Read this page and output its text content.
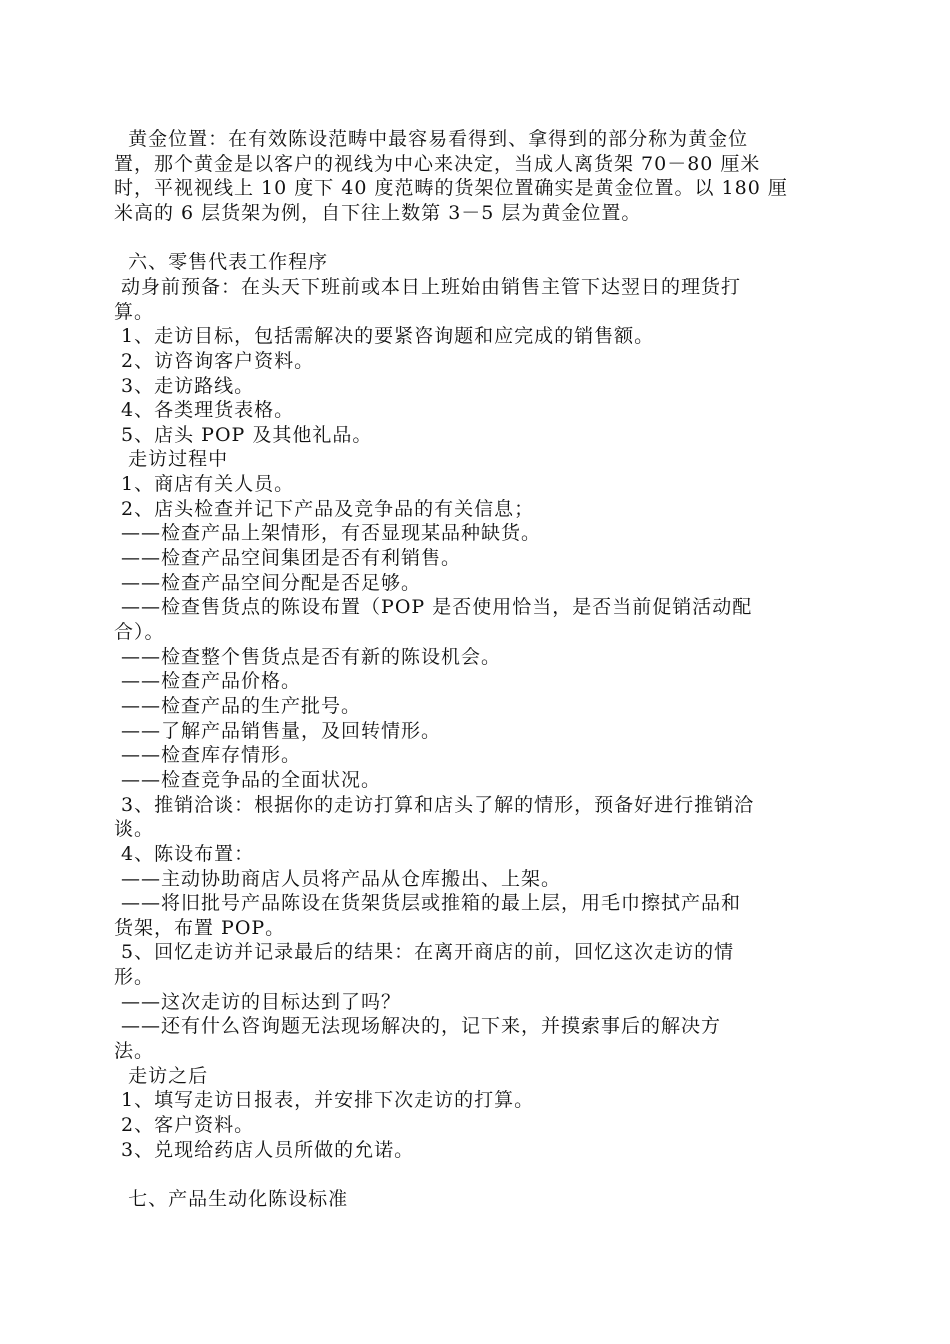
黄金位置：在有效陈设范畴中最容易看得到、拿得到的部分称为黄金位
置，那个黄金是以客户的视线为中心来决定，当成人离货架 70－80 厘米
时，平视视线上 10 度下 40 度范畴的货架位置确实是黄金位置。以 180 厘
米高的 6 层货架为例，自下往上数第 3－5 层为黄金位置。
六、零售代表工作程序
动身前预备：在头天下班前或本日上班始由销售主管下达翌日的理货打
算。
1、走访目标，包括需解决的要紧咨询题和应完成的销售额。
2、访咨询客户资料。
3、走访路线。
4、各类理货表格。
5、店头 POP 及其他礼品。
走访过程中
1、商店有关人员。
2、店头检查并记下产品及竞争品的有关信息；
——检查产品上架情形，有否显现某品种缺货。
——检查产品空间集团是否有利销售。
——检查产品空间分配是否足够。
——检查售货点的陈设布置（POP 是否使用恰当，是否当前促销活动配
合）。
——检查整个售货点是否有新的陈设机会。
——检查产品价格。
——检查产品的生产批号。
——了解产品销售量，及回转情形。
——检查库存情形。
——检查竞争品的全面状况。
3、推销洽谈：根据你的走访打算和店头了解的情形，预备好进行推销洽
谈。
4、陈设布置：
——主动协助商店人员将产品从仓库搬出、上架。
——将旧批号产品陈设在货架货层或推箱的最上层，用毛巾擦拭产品和
货架，布置 POP。
5、回忆走访并记录最后的结果：在离开商店的前，回忆这次走访的情
形。
——这次走访的目标达到了吗？
——还有什么咨询题无法现场解决的，记下来，并摸索事后的解决方
法。
走访之后
1、填写走访日报表，并安排下次走访的打算。
2、客户资料。
3、兑现给药店人员所做的允诺。
七、产品生动化陈设标准
